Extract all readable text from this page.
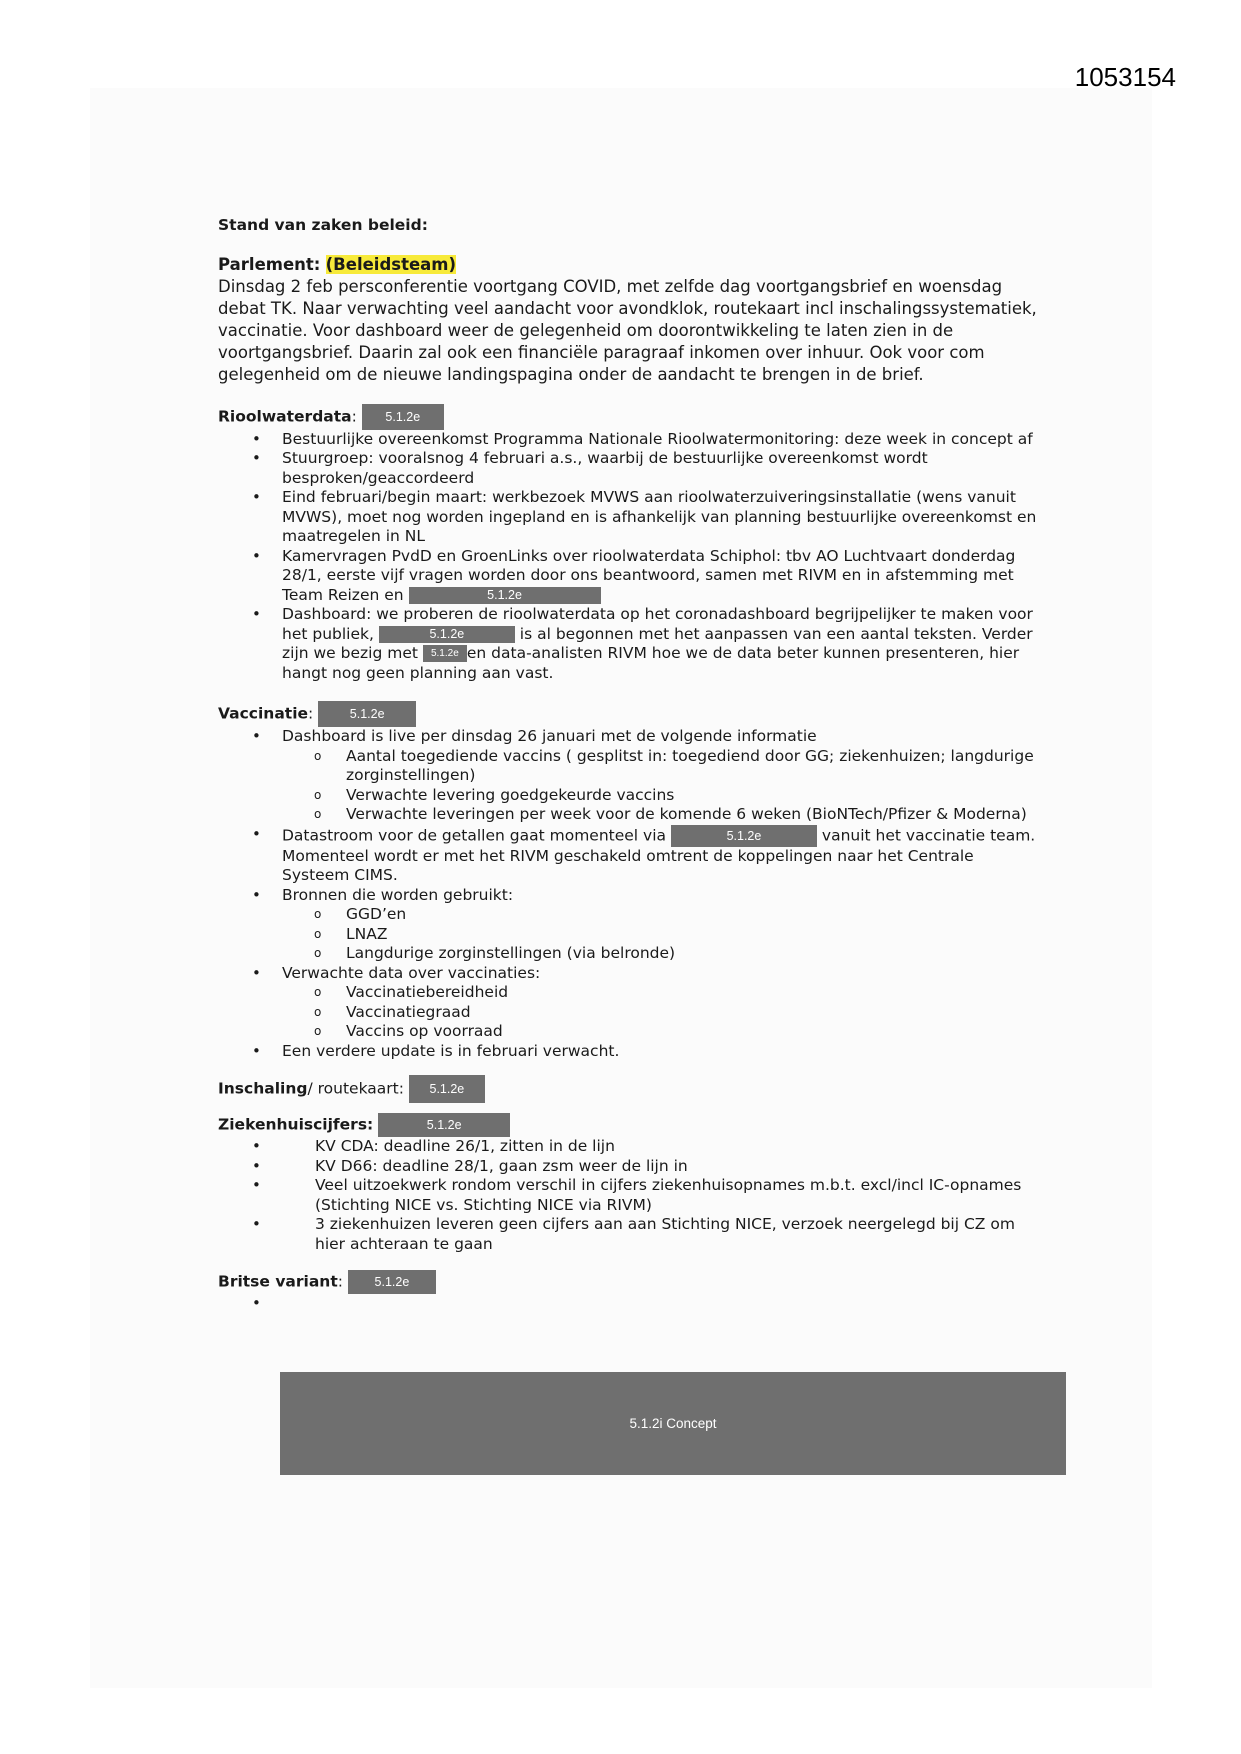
1053154
Stand van zaken beleid:
Parlement: (Beleidsteam)
Dinsdag 2 feb persconferentie voortgang COVID, met zelfde dag voortgangsbrief en woensdag debat TK. Naar verwachting veel aandacht voor avondklok, routekaart incl inschalingssystematiek, vaccinatie. Voor dashboard weer de gelegenheid om doorontwikkeling te laten zien in de voortgangsbrief. Daarin zal ook een financiële paragraaf inkomen over inhuur. Ook voor com gelegenheid om de nieuwe landingspagina onder de aandacht te brengen in de brief.
Rioolwaterdata: 5.1.2e
• Bestuurlijke overeenkomst Programma Nationale Rioolwatermonitoring: deze week in concept af
• Stuurgroep: vooralsnog 4 februari a.s., waarbij de bestuurlijke overeenkomst wordt besproken/geaccordeerd
• Eind februari/begin maart: werkbezoek MVWS aan rioolwaterzuiveringsinstallatie (wens vanuit MVWS), moet nog worden ingepland en is afhankelijk van planning bestuurlijke overeenkomst en maatregelen in NL
• Kamervragen PvdD en GroenLinks over rioolwaterdata Schiphol: tbv AO Luchtvaart donderdag 28/1, eerste vijf vragen worden door ons beantwoord, samen met RIVM en in afstemming met Team Reizen en	5.1.2e
• Dashboard: we proberen de rioolwaterdata op het coronadashboard begrijpelijker te maken voor het publiek,	5.1.2e	is al begonnen met het aanpassen van een aantal teksten. Verder zijn we bezig met 5.1.2e en data-analisten RIVM hoe we de data beter kunnen presenteren, hier hangt nog geen planning aan vast.
Vaccinatie:	5.1.2e
• Dashboard is live per dinsdag 26 januari met de volgende informatie
o Aantal toegediende vaccins ( gesplitst in: toegediend door GG; ziekenhuizen; langdurige zorginstellingen)
o Verwachte levering goedgekeurde vaccins
o Verwachte leveringen per week voor de komende 6 weken (BioNTech/Pfizer & Moderna)
• Datastroom voor de getallen gaat momenteel via	5.1.2e	vanuit het vaccinatie team. Momenteel wordt er met het RIVM geschakeld omtrent de koppelingen naar het Centrale Systeem CIMS.
• Bronnen die worden gebruikt:
o GGD’en
o LNAZ
o Langdurige zorginstellingen (via belronde)
• Verwachte data over vaccinaties:
o Vaccinatiebereidheid
o Vaccinatiegraad
o Vaccins op voorraad
• Een verdere update is in februari verwacht.
Inschaling/ routekaart: 5.1.2e
Ziekenhuiscijfers:	5.1.2e
• KV CDA: deadline 26/1, zitten in de lijn
• KV D66: deadline 28/1, gaan zsm weer de lijn in
• Veel uitzoekwerk rondom verschil in cijfers ziekenhuisopnames m.b.t. excl/incl IC-opnames (Stichting NICE vs. Stichting NICE via RIVM)
• 3 ziekenhuizen leveren geen cijfers aan aan Stichting NICE, verzoek neergelegd bij CZ om hier achteraan te gaan
Britse variant: 5.1.2e
•
5.1.2i Concept
